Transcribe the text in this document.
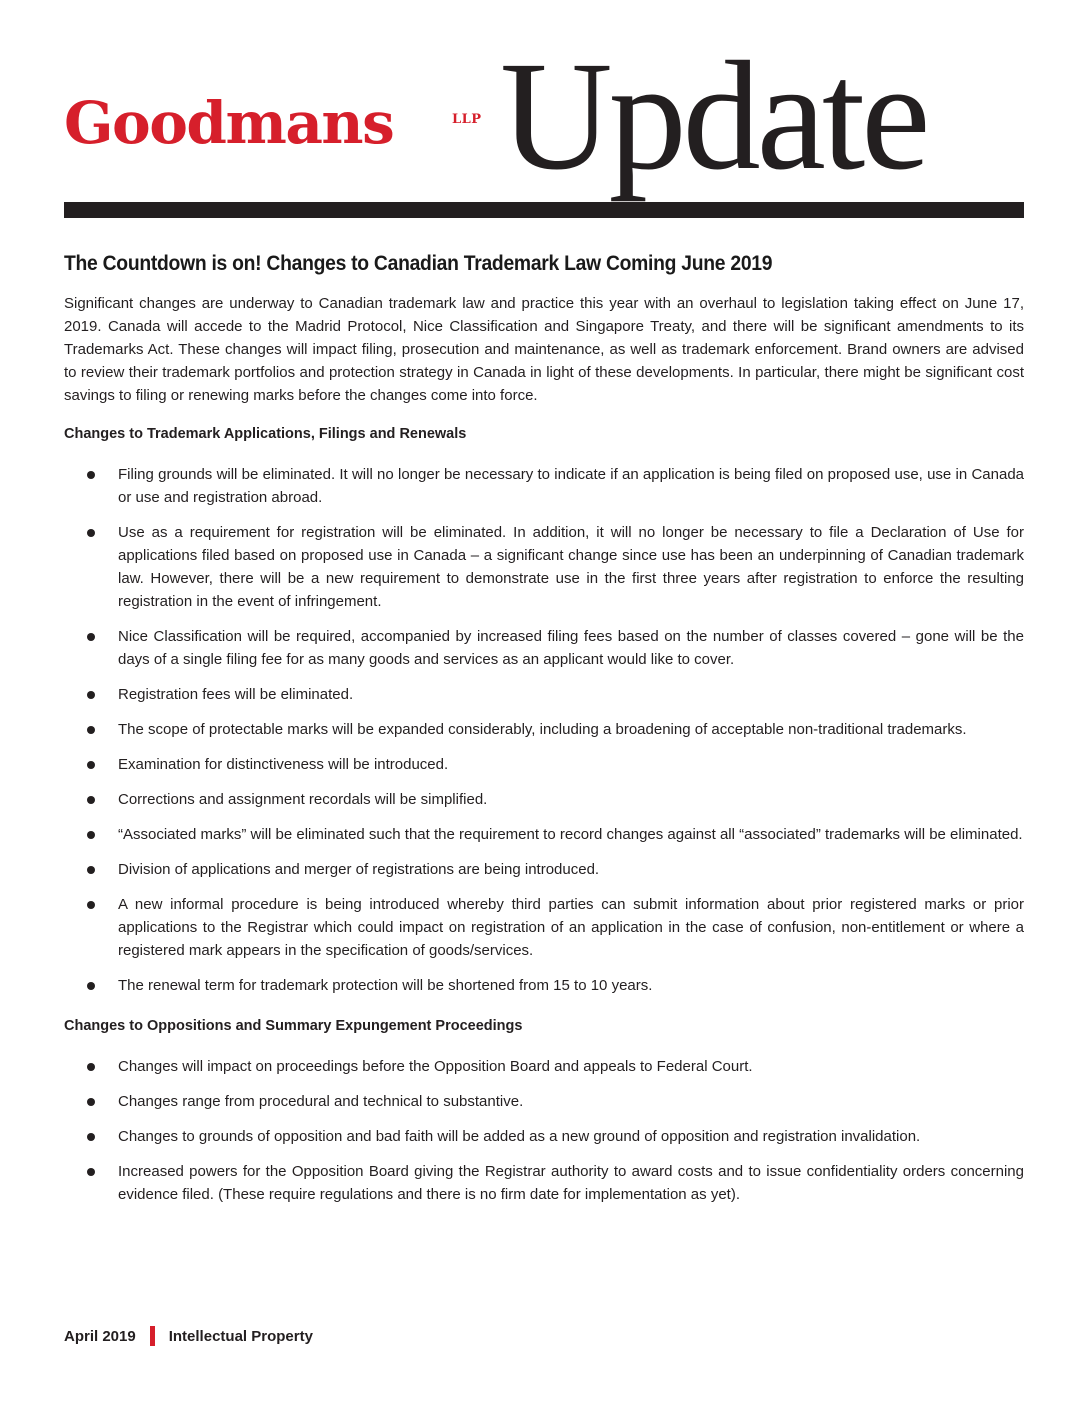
Goodmans	LLP Update
The Countdown is on! Changes to Canadian Trademark Law Coming June 2019

Significant changes are underway to Canadian trademark law and practice this year with an overhaul to legislation taking effect on June 17, 2019. Canada will accede to the Madrid Protocol, Nice Classification and Singapore Treaty, and there will be significant amendments to its Trademarks Act. These changes will impact filing, prosecution and maintenance, as well as trademark enforcement. Brand owners are advised to review their trademark portfolios and protection strategy in Canada in light of these developments. In particular, there might be significant cost savings to filing or renewing marks before the changes come into force.

Changes to Trademark Applications, Filings and Renewals
Filing grounds will be eliminated. It will no longer be necessary to indicate if an application is being filed on proposed use, use in Canada or use and registration abroad.
Use as a requirement for registration will be eliminated. In addition, it will no longer be necessary to file a Declaration of Use for applications filed based on proposed use in Canada – a significant change since use has been an underpinning of Canadian trademark law. However, there will be a new requirement to demonstrate use in the first three years after registration to enforce the resulting registration in the event of infringement.
Nice Classification will be required, accompanied by increased filing fees based on the number of classes covered – gone will be the days of a single filing fee for as many goods and services as an applicant would like to cover.
Registration fees will be eliminated.
The scope of protectable marks will be expanded considerably, including a broadening of acceptable non-traditional trademarks.
Examination for distinctiveness will be introduced.
Corrections and assignment recordals will be simplified.
“Associated marks” will be eliminated such that the requirement to record changes against all “associated” trademarks will be eliminated.
Division of applications and merger of registrations are being introduced.
A new informal procedure is being introduced whereby third parties can submit information about prior registered marks or prior applications to the Registrar which could impact on registration of an application in the case of confusion, non-entitlement or where a registered mark appears in the specification of goods/services.
The renewal term for trademark protection will be shortened from 15 to 10 years.
Changes to Oppositions and Summary Expungement Proceedings
Changes will impact on proceedings before the Opposition Board and appeals to Federal Court.
Changes range from procedural and technical to substantive.
Changes to grounds of opposition and bad faith will be added as a new ground of opposition and registration invalidation.
Increased powers for the Opposition Board giving the Registrar authority to award costs and to issue confidentiality orders concerning evidence filed. (These require regulations and there is no firm date for implementation as yet).
April 2019 Intellectual Property
